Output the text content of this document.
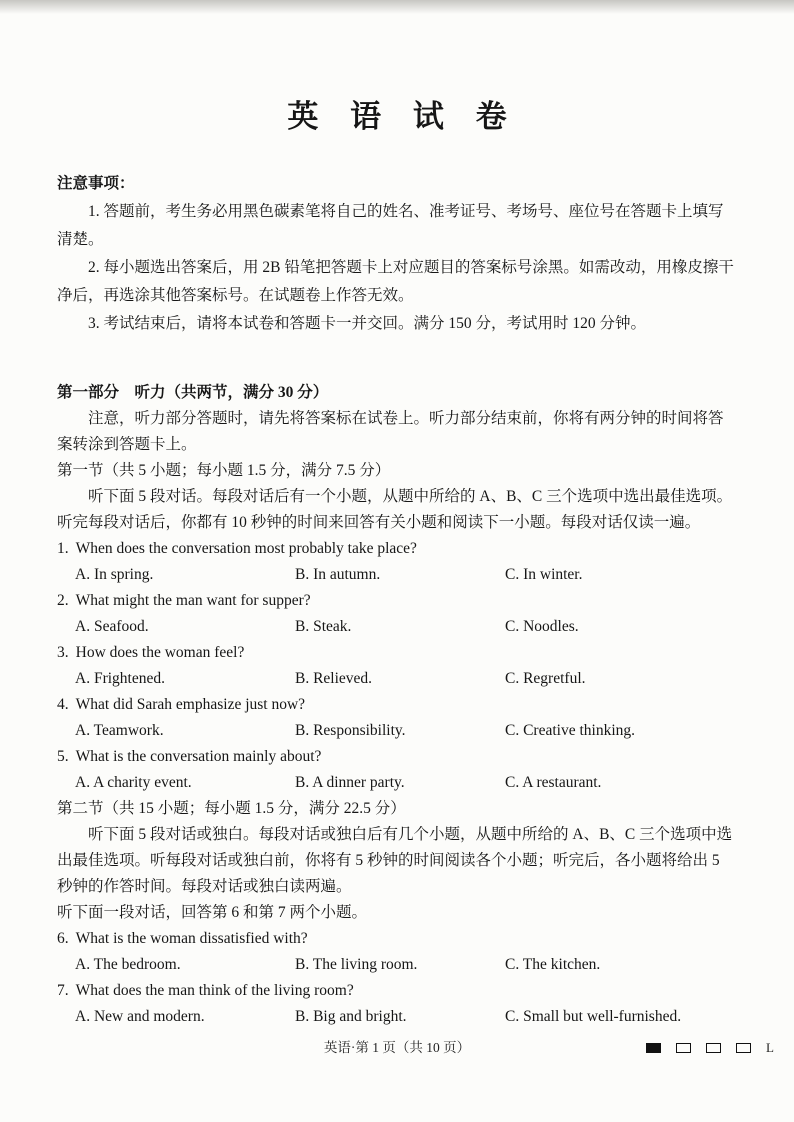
英 语 试 卷

注意事项：

1. 答题前，考生务必用黑色碳素笔将自己的姓名、准考证号、考场号、座位号在答题卡上填写清楚。

2. 每小题选出答案后，用 2B 铅笔把答题卡上对应题目的答案标号涂黑。如需改动，用橡皮擦干净后，再选涂其他答案标号。在试题卷上作答无效。

3. 考试结束后，请将本试卷和答题卡一并交回。满分 150 分，考试用时 120 分钟。

第一部分　听力（共两节，满分 30 分）

注意，听力部分答题时，请先将答案标在试卷上。听力部分结束前，你将有两分钟的时间将答案转涂到答题卡上。

第一节（共 5 小题；每小题 1.5 分，满分 7.5 分）

听下面 5 段对话。每段对话后有一个小题，从题中所给的 A、B、C 三个选项中选出最佳选项。听完每段对话后，你都有 10 秒钟的时间来回答有关小题和阅读下一小题。每段对话仅读一遍。

1. When does the conversation most probably take place?

A. In spring.	B. In autumn.	C. In winter.

2. What might the man want for supper?

A. Seafood.	B. Steak.	C. Noodles.

3. How does the woman feel?

A. Frightened.	B. Relieved.	C. Regretful.

4. What did Sarah emphasize just now?

A. Teamwork.	B. Responsibility.	C. Creative thinking.

5. What is the conversation mainly about?

A. A charity event.	B. A dinner party.	C. A restaurant.

第二节（共 15 小题；每小题 1.5 分，满分 22.5 分）

听下面 5 段对话或独白。每段对话或独白后有几个小题，从题中所给的 A、B、C 三个选项中选出最佳选项。听每段对话或独白前，你将有 5 秒钟的时间阅读各个小题；听完后，各小题将给出 5 秒钟的作答时间。每段对话或独白读两遍。

听下面一段对话，回答第 6 和第 7 两个小题。

6. What is the woman dissatisfied with?

A. The bedroom.	B. The living room.	C. The kitchen.

7. What does the man think of the living room?

A. New and modern.	B. Big and bright.	C. Small but well-furnished.
英语·第 1 页（共 10 页）	L
